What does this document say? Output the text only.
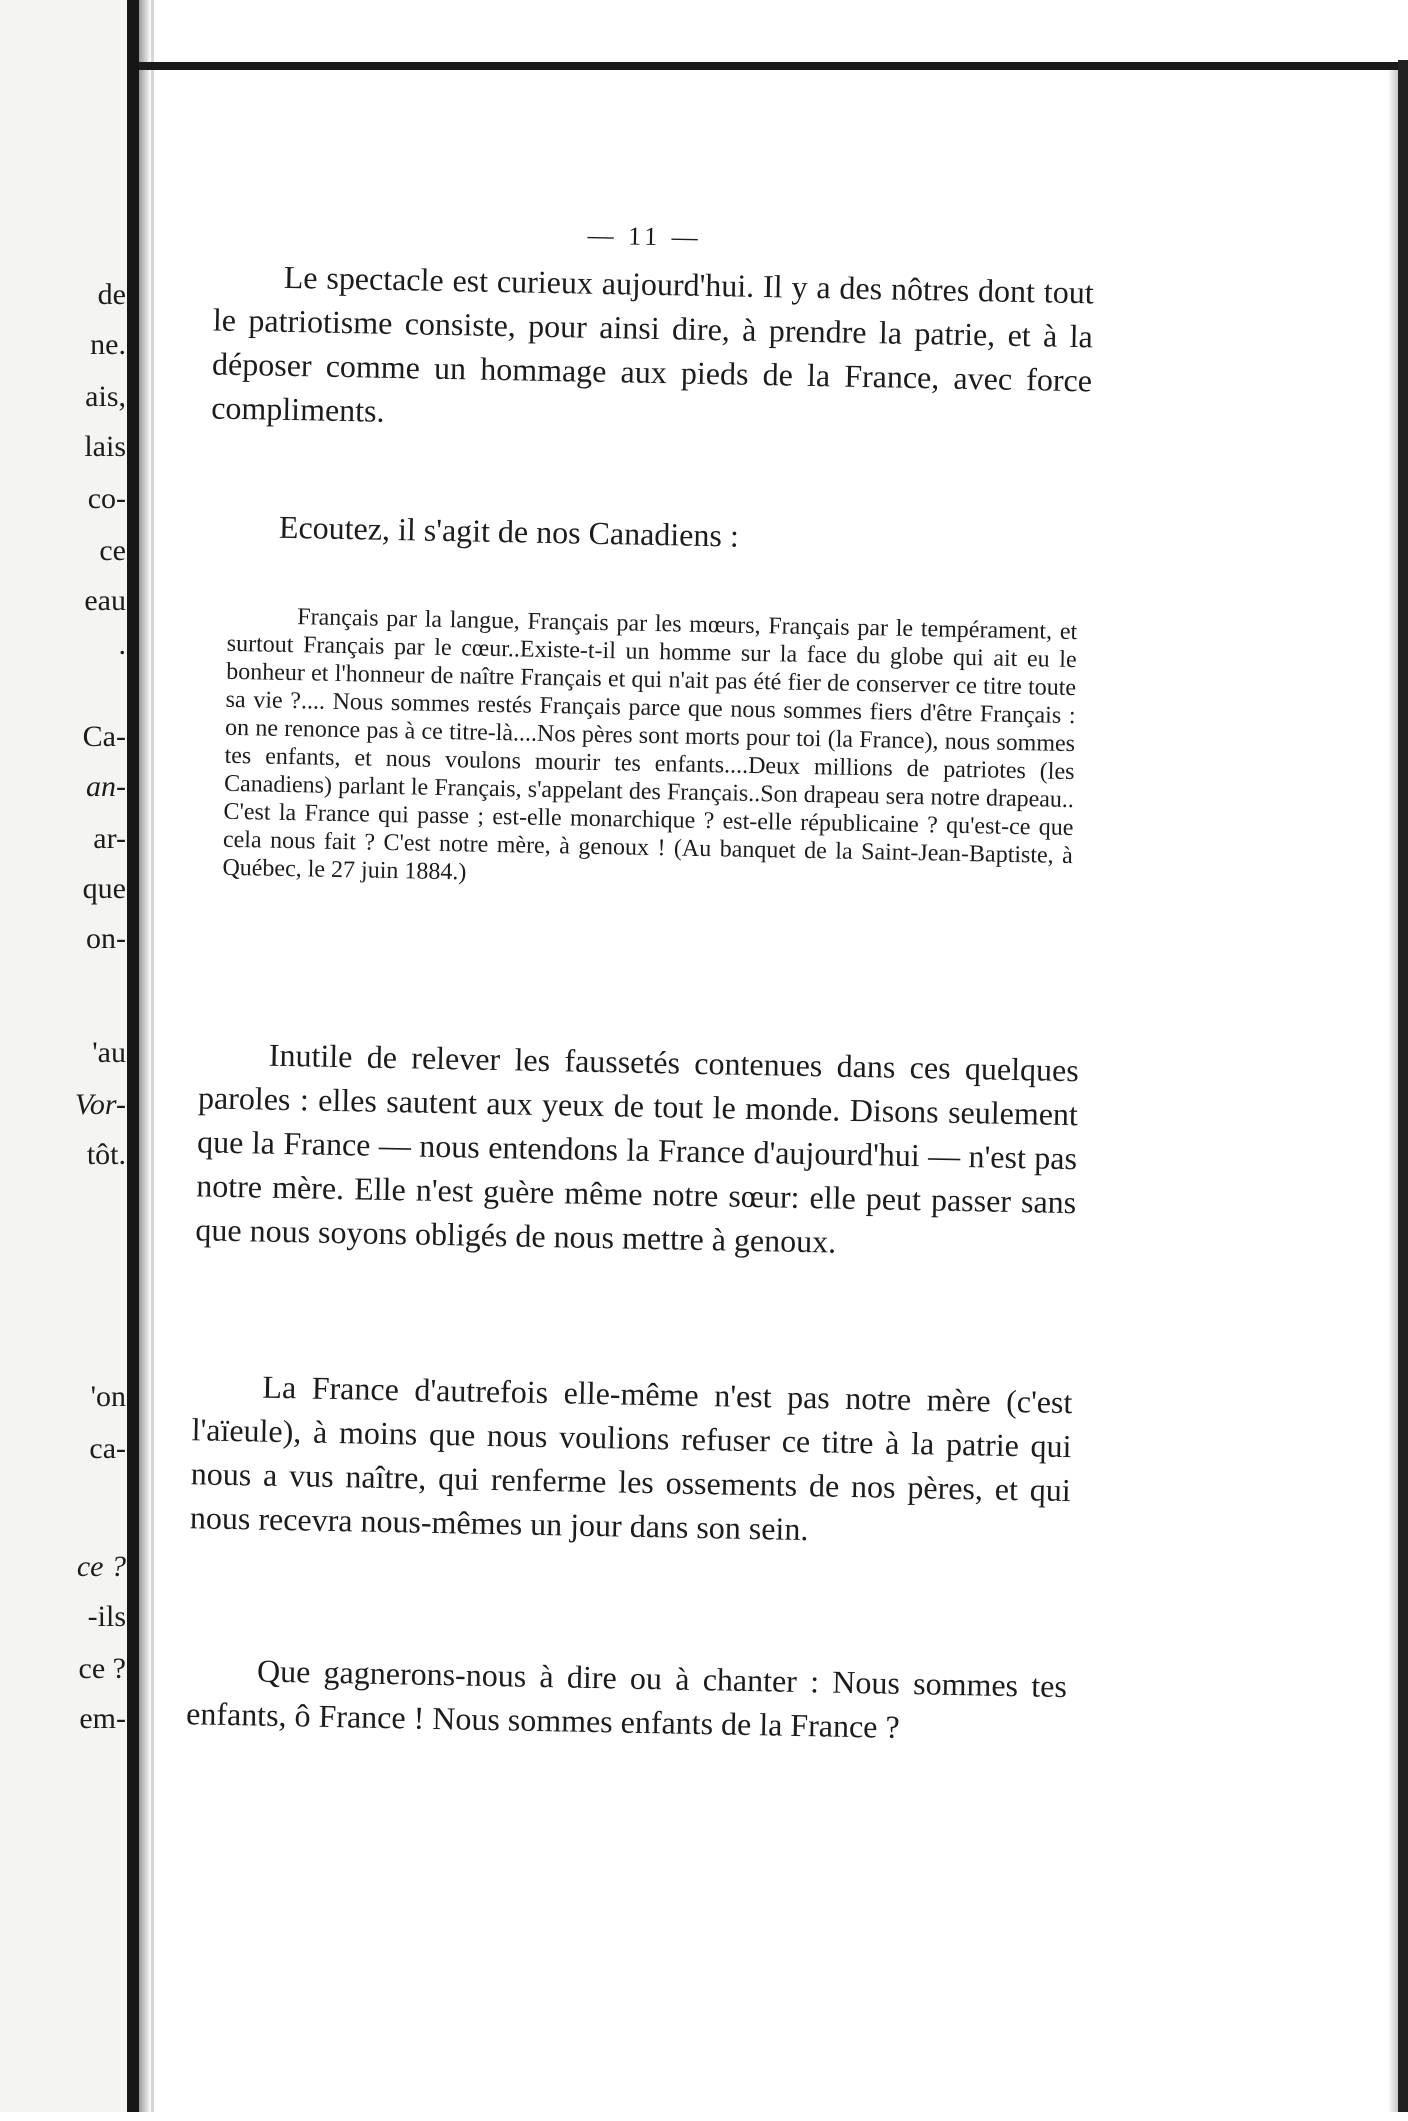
de
ne.
ais,
lais
co-
ce
eau
.
Ca-
an-
ar-
que
on-
'au
Vor-
tôt.
'on
ca-
ce ?
-ils
ce ?
em-
— 11 —

Le spectacle est curieux aujourd'hui. Il y a des nôtres dont tout le patriotisme consiste, pour ainsi dire, à prendre la patrie, et à la déposer comme un hommage aux pieds de la France, avec force compliments.

Ecoutez, il s'agit de nos Canadiens :

Français par la langue, Français par les mœurs, Français par le tempérament, et surtout Français par le cœur..Existe-t-il un homme sur la face du globe qui ait eu le bonheur et l'honneur de naître Français et qui n'ait pas été fier de conserver ce titre toute sa vie ?.... Nous sommes restés Français parce que nous sommes fiers d'être Français : on ne renonce pas à ce titre-là....Nos pères sont morts pour toi (la France), nous sommes tes enfants, et nous voulons mourir tes enfants....Deux millions de patriotes (les Canadiens) parlant le Français, s'appelant des Français..Son drapeau sera notre drapeau.. C'est la France qui passe ; est-elle monarchique ? est-elle républicaine ? qu'est-ce que cela nous fait ? C'est notre mère, à genoux ! (Au banquet de la Saint-Jean-Baptiste, à Québec, le 27 juin 1884.)

Inutile de relever les faussetés contenues dans ces quelques paroles : elles sautent aux yeux de tout le monde. Disons seulement que la France — nous entendons la France d'aujourd'hui — n'est pas notre mère. Elle n'est guère même notre sœur: elle peut passer sans que nous soyons obligés de nous mettre à genoux.

La France d'autrefois elle-même n'est pas notre mère (c'est l'aïeule), à moins que nous voulions refuser ce titre à la patrie qui nous a vus naître, qui renferme les ossements de nos pères, et qui nous recevra nous-mêmes un jour dans son sein.

Que gagnerons-nous à dire ou à chanter : Nous sommes tes enfants, ô France ! Nous sommes enfants de la France ?
